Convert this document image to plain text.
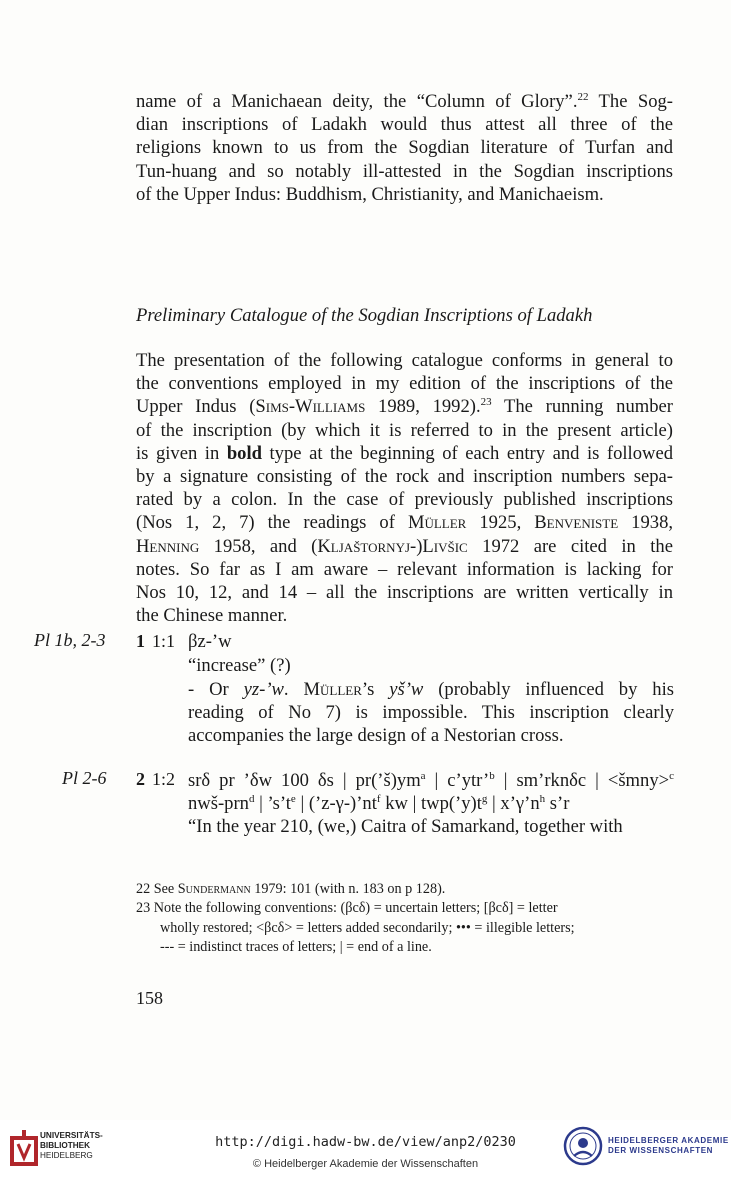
name of a Manichaean deity, the “Column of Glory”.$^{22}$ The Sog-
dian inscriptions of Ladakh would thus attest all three of the
religions known to us from the Sogdian literature of Turfan and
Tun-huang and so notably ill-attested in the Sogdian inscriptions
of the Upper Indus: Buddhism, Christianity, and Manichaeism.

Preliminary Catalogue of the Sogdian Inscriptions of Ladakh

The presentation of the following catalogue conforms in general to
the conventions employed in my edition of the inscriptions of the
Upper Indus (Sims-Williams 1989, 1992).$^{23}$ The running number
of the inscription (by which it is referred to in the present article)
is given in bold type at the beginning of each entry and is followed
by a signature consisting of the rock and inscription numbers sepa-
rated by a colon. In the case of previously published inscriptions
(Nos 1, 2, 7) the readings of Müller 1925, Benveniste 1938,
Henning 1958, and (Kljaštornyj-)Livšic 1972 are cited in the
notes. So far as I am aware – relevant information is lacking for
Nos 10, 12, and 14 – all the inscriptions are written vertically in
the Chinese manner.

Pl 1b, 2-3 1 1:1 βz-’w
“increase” (?)
- Or yz-’w. Müller’s yš’w (probably influenced by his
reading of No 7) is impossible. This inscription clearly
accompanies the large design of a Nestorian cross.
Pl 2-6 2 1:2 srδ pr ’δw 100 δs | $pr(’š)ym^a$ | c’ytr’$^b$ | sm’rknδc | <šmny>$^c$
nwš-prn$^d$ | $’s’t^e$ | $(’z-\gamma-)’nt^f$ kw | $twp(’y)t^g$ | $x’\gamma’n^h$ s’r
“In the year 210, (we,) Caitra of Samarkand, together with
22 See Sundermann 1979: 101 (with n. 183 on p 128).
23 Note the following conventions: (βcδ) = uncertain letters; [βcδ] = letter
wholly restored; <βcδ> = letters added secondarily; ••• = illegible letters;
--- = indistinct traces of letters; | = end of a line.
158
UNIVERSITÄTS-
BIBLIOTHEK
HEIDELBERG
http://digi.hadw-bw.de/view/anp2/0230
© Heidelberger Akademie der Wissenschaften
HEIDELBERGER AKADEMIE
DER WISSENSCHAFTEN
